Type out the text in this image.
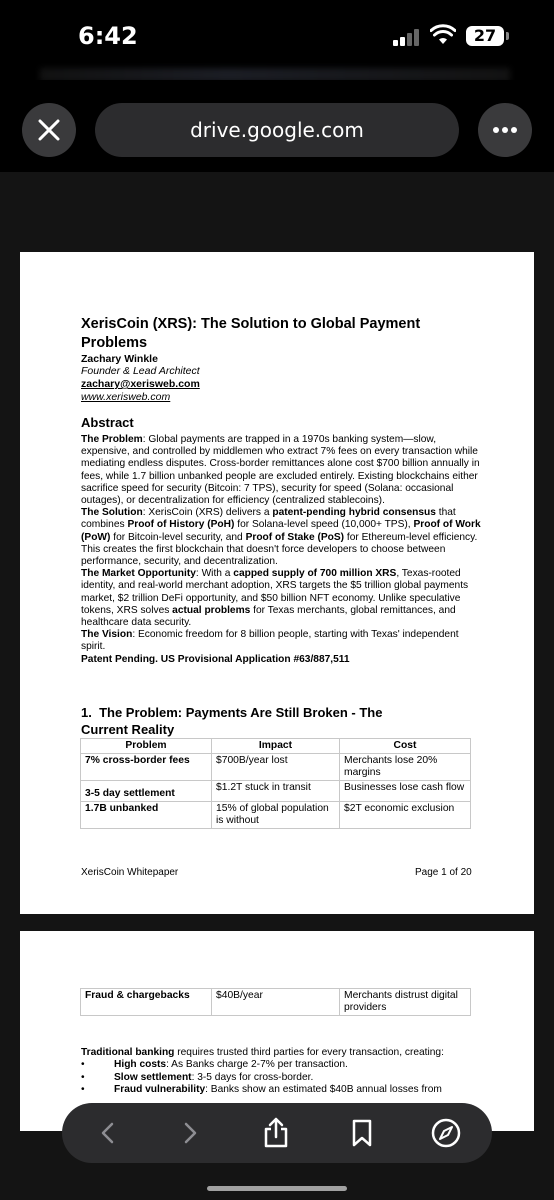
6:42	27
drive.google.com
XerisCoin (XRS): The Solution to Global Payment Problems
Zachary Winkle
Founder & Lead Architect
zachary@xerisweb.com
www.xerisweb.com
Abstract

The Problem: Global payments are trapped in a 1970s banking system—slow, expensive, and controlled by middlemen who extract 7% fees on every transaction while mediating endless disputes. Cross-border remittances alone cost $700 billion annually in fees, while 1.7 billion unbanked people are excluded entirely. Existing blockchains either sacrifice speed for security (Bitcoin: 7 TPS), security for speed (Solana: occasional outages), or decentralization for efficiency (centralized stablecoins).

The Solution: XerisCoin (XRS) delivers a patent-pending hybrid consensus that combines Proof of History (PoH) for Solana-level speed (10,000+ TPS), Proof of Work (PoW) for Bitcoin-level security, and Proof of Stake (PoS) for Ethereum-level efficiency. This creates the first blockchain that doesn't force developers to choose between performance, security, and decentralization.

The Market Opportunity: With a capped supply of 700 million XRS, Texas-rooted identity, and real-world merchant adoption, XRS targets the $5 trillion global payments market, $2 trillion DeFi opportunity, and $50 billion NFT economy. Unlike speculative tokens, XRS solves actual problems for Texas merchants, global remittances, and healthcare data security.

The Vision: Economic freedom for 8 billion people, starting with Texas' independent spirit.

Patent Pending. US Provisional Application #63/887,511

1.  The Problem: Payments Are Still Broken - The Current Reality
Problem	Impact	Cost
7% cross-border fees	$700B/year lost	Merchants lose 20% margins
3-5 day settlement	$1.2T stuck in transit	Businesses lose cash flow
1.7B unbanked	15% of global population is without	$2T economic exclusion
XerisCoin Whitepaper	Page 1 of 20
Fraud & chargebacks	$40B/year	Merchants distrust digital providers
Traditional banking requires trusted third parties for every transaction, creating:
• High costs: As Banks charge 2-7% per transaction.
• Slow settlement: 3-5 days for cross-border.
• Fraud vulnerability: Banks show an estimated $40B annual losses from
